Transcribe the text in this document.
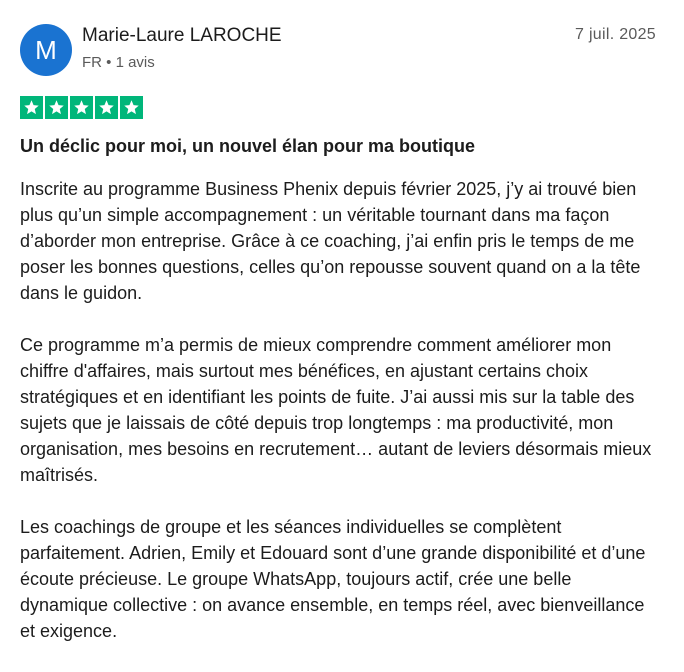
M	Marie-Laure LAROCHE
FR • 1 avis
7 juil. 2025
Un déclic pour moi, un nouvel élan pour ma boutique

Inscrite au programme Business Phenix depuis février 2025, j’y ai trouvé bien plus qu’un simple accompagnement : un véritable tournant dans ma façon d’aborder mon entreprise. Grâce à ce coaching, j’ai enfin pris le temps de me poser les bonnes questions, celles qu’on repousse souvent quand on a la tête dans le guidon.

Ce programme m’a permis de mieux comprendre comment améliorer mon chiffre d'affaires, mais surtout mes bénéfices, en ajustant certains choix stratégiques et en identifiant les points de fuite. J’ai aussi mis sur la table des sujets que je laissais de côté depuis trop longtemps : ma productivité, mon organisation, mes besoins en recrutement… autant de leviers désormais mieux maîtrisés.

Les coachings de groupe et les séances individuelles se complètent parfaitement. Adrien, Emily et Edouard sont d’une grande disponibilité et d’une écoute précieuse. Le groupe WhatsApp, toujours actif, crée une belle dynamique collective : on avance ensemble, en temps réel, avec bienveillance et exigence.
